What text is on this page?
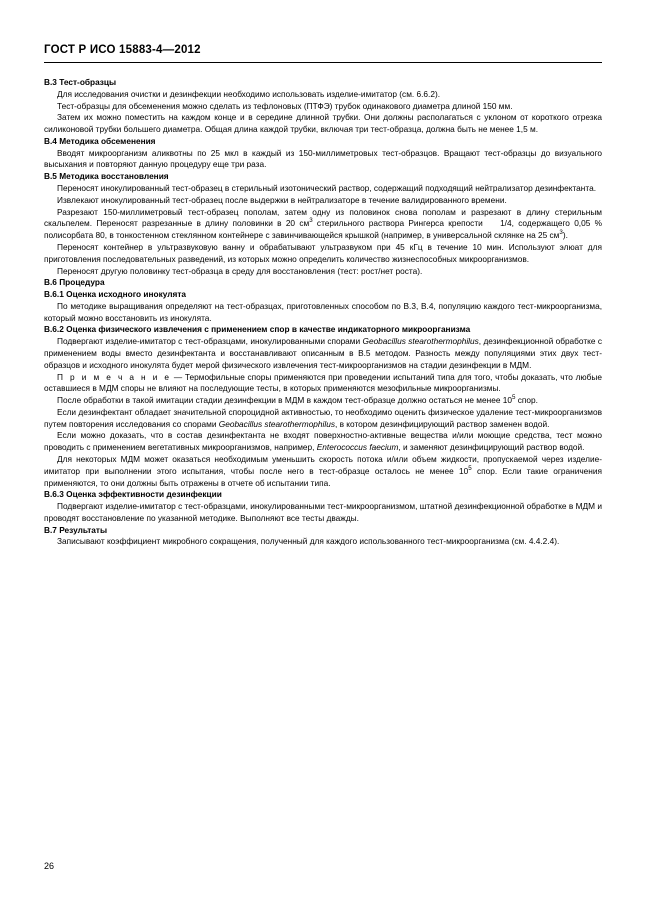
ГОСТ Р ИСО 15883-4—2012

В.3 Тест-образцы

Для исследования очистки и дезинфекции необходимо использовать изделие-имитатор (см. 6.6.2).

Тест-образцы для обсеменения можно сделать из тефлоновых (ПТФЭ) трубок одинакового диаметра длиной 150 мм.

Затем их можно поместить на каждом конце и в середине длинной трубки. Они должны располагаться с уклоном от короткого отрезка силиконовой трубки большего диаметра. Общая длина каждой трубки, включая три тест-образца, должна быть не менее 1,5 м.

В.4 Методика обсеменения

Вводят микроорганизм аликвотны по 25 мкл в каждый из 150-миллиметровых тест-образцов. Вращают тест-образцы до визуального высыхания и повторяют данную процедуру еще три раза.

В.5 Методика восстановления

Переносят инокулированный тест-образец в стерильный изотонический раствор, содержащий подходящий нейтрализатор дезинфектанта.

Извлекают инокулированный тест-образец после выдержки в нейтрализаторе в течение валидированного времени.

Разрезают 150-миллиметровый тест-образец пополам, затем одну из половинок снова пополам и разрезают в длину стерильным скальпелем. Переносят разрезанные в длину половинки в 20 $см^3$ стерильного раствора Рингерса крепости 1/4, содержащего 0,05 % полисорбата 80, в тонкостенном стеклянном контейнере с завинчивающейся крышкой (например, в универсальной склянке на 25 $см^3$).

Переносят контейнер в ультразвуковую ванну и обрабатывают ультразвуком при 45 кГц в течение 10 мин. Используют элюат для приготовления последовательных разведений, из которых можно определить количество жизнеспособных микроорганизмов.

Переносят другую половинку тест-образца в среду для восстановления (тест: рост/нет роста).

В.6 Процедура

В.6.1 Оценка исходного инокулята

По методике выращивания определяют на тест-образцах, приготовленных способом по В.3, В.4, популяцию каждого тест-микроорганизма, который можно восстановить из инокулята.

В.6.2 Оценка физического извлечения с применением спор в качестве индикаторного микроорганизма

Подвергают изделие-имитатор с тест-образцами, инокулированными спорами Geobacillus stearothermophilus, дезинфекционной обработке с применением воды вместо дезинфектанта и восстанавливают описанным в В.5 методом. Разность между популяциями этих двух тест-образцов и исходного инокулята будет мерой физического извлечения тест-микроорганизмов на стадии дезинфекции в МДМ.

П р и м е ч а н и е — Термофильные споры применяются при проведении испытаний типа для того, чтобы доказать, что любые оставшиеся в МДМ споры не влияют на последующие тесты, в которых применяются мезофильные микроорганизмы.

После обработки в такой имитации стадии дезинфекции в МДМ в каждом тест-образце должно остаться не менее $10^5$ спор.

Если дезинфектант обладает значительной спороцидной активностью, то необходимо оценить физическое удаление тест-микроорганизмов путем повторения исследования со спорами Geobacillus stearothermophilus, в котором дезинфицирующий раствор заменен водой.

Если можно доказать, что в состав дезинфектанта не входят поверхностно-активные вещества и/или моющие средства, тест можно проводить с применением вегетативных микроорганизмов, например, Enterococcus faecium, и заменяют дезинфицирующий раствор водой.

Для некоторых МДМ может оказаться необходимым уменьшить скорость потока и/или объем жидкости, пропускаемой через изделие-имитатор при выполнении этого испытания, чтобы после него в тест-образце осталось не менее $10^5$ спор. Если такие ограничения применяются, то они должны быть отражены в отчете об испытании типа.

В.6.3 Оценка эффективности дезинфекции

Подвергают изделие-имитатор с тест-образцами, инокулированными тест-микроорганизмом, штатной дезинфекционной обработке в МДМ и проводят восстановление по указанной методике. Выполняют все тесты дважды.

В.7 Результаты

Записывают коэффициент микробного сокращения, полученный для каждого использованного тест-микроорганизма (см. 4.4.2.4).

26
